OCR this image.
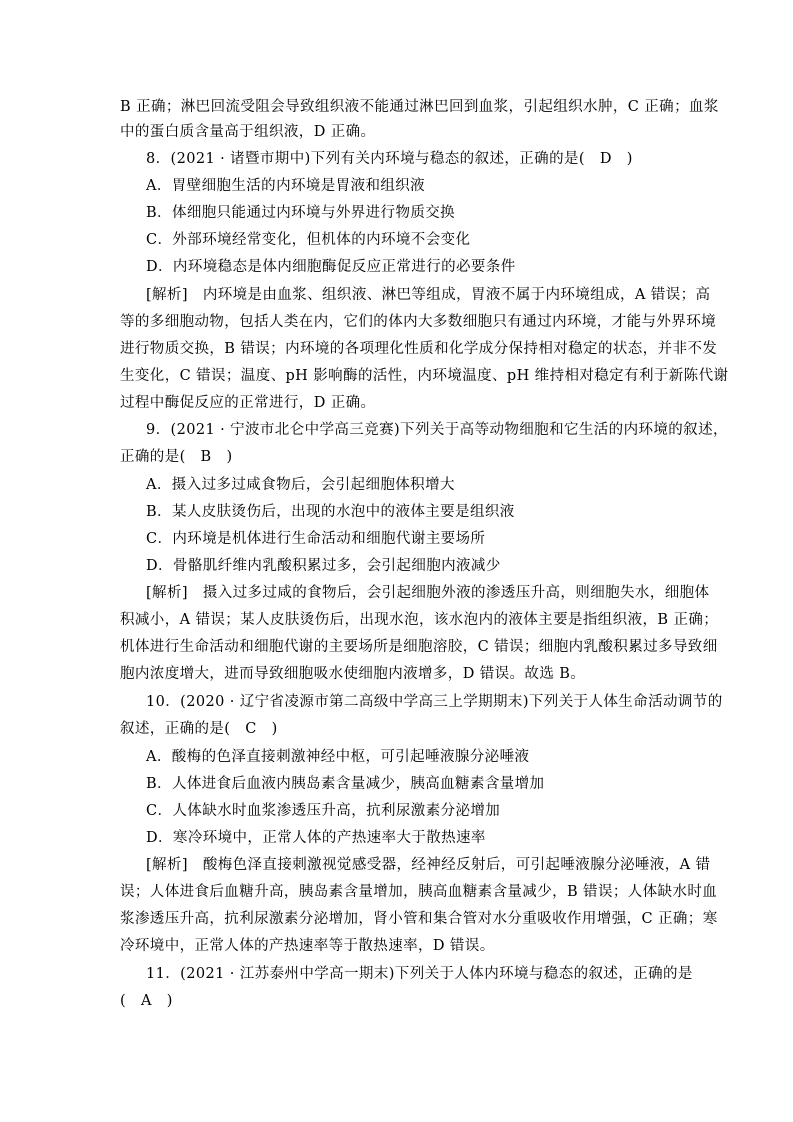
B 正确；淋巴回流受阻会导致组织液不能通过淋巴回到血浆，引起组织水肿，C 正确；血浆
中的蛋白质含量高于组织液，D 正确。
8．(2021 · 诸暨市期中)下列有关内环境与稳态的叙述，正确的是(　D　)
A．胃壁细胞生活的内环境是胃液和组织液
B．体细胞只能通过内环境与外界进行物质交换
C．外部环境经常变化，但机体的内环境不会变化
D．内环境稳态是体内细胞酶促反应正常进行的必要条件
[解析]　内环境是由血浆、组织液、淋巴等组成，胃液不属于内环境组成，A 错误；高
等的多细胞动物，包括人类在内，它们的体内大多数细胞只有通过内环境，才能与外界环境
进行物质交换，B 错误；内环境的各项理化性质和化学成分保持相对稳定的状态，并非不发
生变化，C 错误；温度、pH 影响酶的活性，内环境温度、pH 维持相对稳定有利于新陈代谢
过程中酶促反应的正常进行，D 正确。
9．(2021 · 宁波市北仑中学高三竞赛)下列关于高等动物细胞和它生活的内环境的叙述，
正确的是(　B　)
A．摄入过多过咸食物后，会引起细胞体积增大
B．某人皮肤烫伤后，出现的水泡中的液体主要是组织液
C．内环境是机体进行生命活动和细胞代谢主要场所
D．骨骼肌纤维内乳酸积累过多，会引起细胞内液减少
[解析]　摄入过多过咸的食物后，会引起细胞外液的渗透压升高，则细胞失水，细胞体
积减小，A 错误；某人皮肤烫伤后，出现水泡，该水泡内的液体主要是指组织液，B 正确；
机体进行生命活动和细胞代谢的主要场所是细胞溶胶，C 错误；细胞内乳酸积累过多导致细
胞内浓度增大，进而导致细胞吸水使细胞内液增多，D 错误。故选 B。
10．(2020 · 辽宁省凌源市第二高级中学高三上学期期末)下列关于人体生命活动调节的
叙述，正确的是(　C　)
A．酸梅的色泽直接刺激神经中枢，可引起唾液腺分泌唾液
B．人体进食后血液内胰岛素含量减少，胰高血糖素含量增加
C．人体缺水时血浆渗透压升高，抗利尿激素分泌增加
D．寒冷环境中，正常人体的产热速率大于散热速率
[解析]　酸梅色泽直接刺激视觉感受器，经神经反射后，可引起唾液腺分泌唾液，A 错
误；人体进食后血糖升高，胰岛素含量增加，胰高血糖素含量减少，B 错误；人体缺水时血
浆渗透压升高，抗利尿激素分泌增加，肾小管和集合管对水分重吸收作用增强，C 正确；寒
冷环境中，正常人体的产热速率等于散热速率，D 错误。
11．(2021 · 江苏泰州中学高一期末)下列关于人体内环境与稳态的叙述，正确的是
(　A　)
